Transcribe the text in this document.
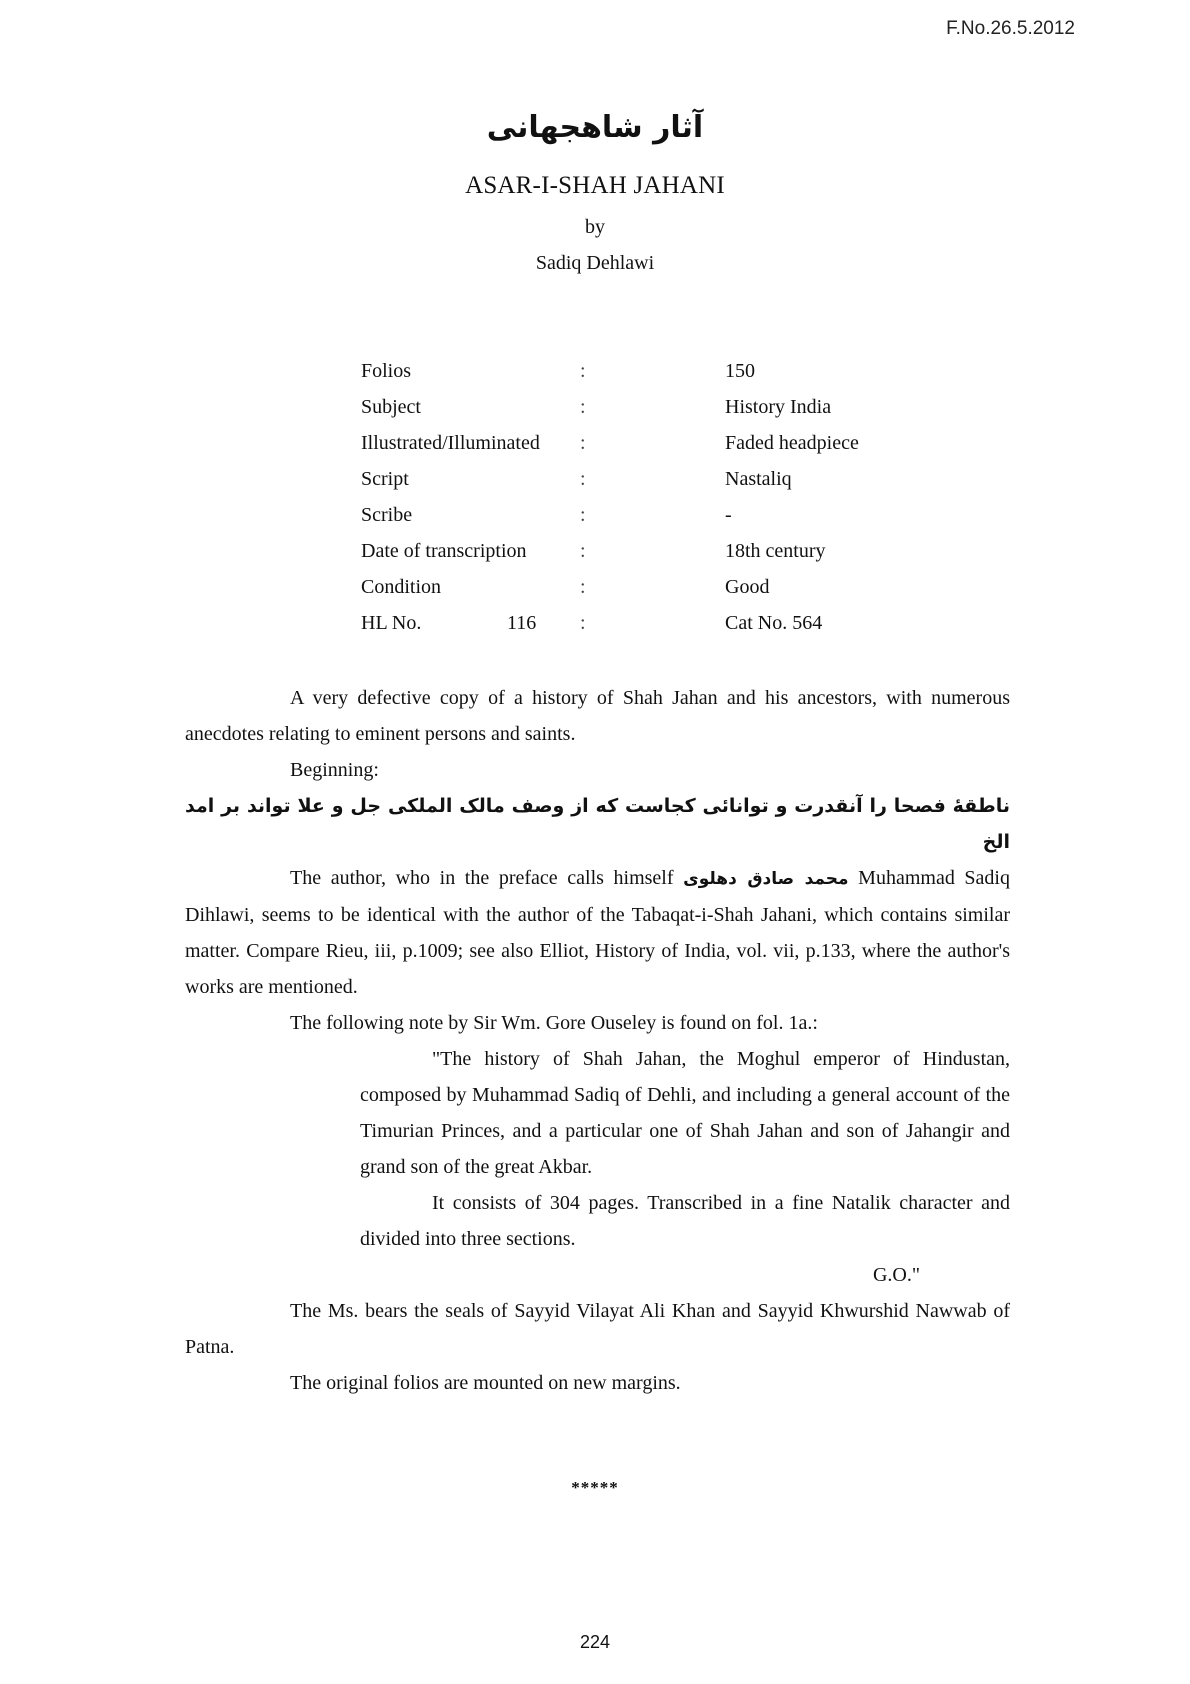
F.No.26.5.2012
آثار شاهجهانی
ASAR-I-SHAH JAHANI
by
Sadiq Dehlawi
Folios	:	150
Subject	:	History India
Illustrated/Illuminated :	Faded headpiece
Script	:	Nastaliq
Scribe	:	-
Date of transcription	:	18th century
Condition	:	Good
HL No.	116 :	Cat No. 564

A very defective copy of a history of Shah Jahan and his ancestors, with numerous anecdotes relating to eminent persons and saints.

Beginning:

ناطقۀ فصحا را آنقدرت و توانائی کجاست که از وصف مالک الملکی جل و علا تواند بر امد الخ

The author, who in the preface calls himself محمد صادق دهلوی Muhammad Sadiq Dihlawi, seems to be identical with the author of the Tabaqat-i-Shah Jahani, which contains similar matter. Compare Rieu, iii, p.1009; see also Elliot, History of India, vol. vii, p.133, where the author's works are mentioned.

The following note by Sir Wm. Gore Ouseley is found on fol. 1a.:

"The history of Shah Jahan, the Moghul emperor of Hindustan, composed by Muhammad Sadiq of Dehli, and including a general account of the Timurian Princes, and a particular one of Shah Jahan and son of Jahangir and grand son of the great Akbar.

It consists of 304 pages. Transcribed in a fine Natalik character and divided into three sections.

G.O."

The Ms. bears the seals of Sayyid Vilayat Ali Khan and Sayyid Khwurshid Nawwab of Patna.

The original folios are mounted on new margins.

*****
224
